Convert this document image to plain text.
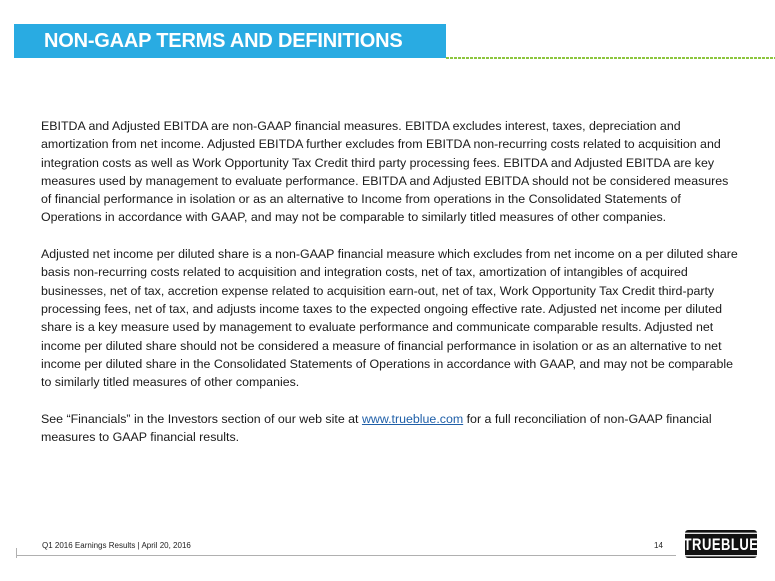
NON-GAAP TERMS AND DEFINITIONS

EBITDA and Adjusted EBITDA are non-GAAP financial measures. EBITDA excludes interest, taxes, depreciation and amortization from net income. Adjusted EBITDA further excludes from EBITDA non-recurring costs related to acquisition and integration costs as well as Work Opportunity Tax Credit third party processing fees. EBITDA and Adjusted EBITDA are key measures used by management to evaluate performance. EBITDA and Adjusted EBITDA should not be considered measures of financial performance in isolation or as an alternative to Income from operations in the Consolidated Statements of Operations in accordance with GAAP, and may not be comparable to similarly titled measures of other companies.

Adjusted net income per diluted share is a non-GAAP financial measure which excludes from net income on a per diluted share basis non-recurring costs related to acquisition and integration costs, net of tax, amortization of intangibles of acquired businesses, net of tax, accretion expense related to acquisition earn-out, net of tax, Work Opportunity Tax Credit third-party processing fees, net of tax, and adjusts income taxes to the expected ongoing effective rate. Adjusted net income per diluted share is a key measure used by management to evaluate performance and communicate comparable results. Adjusted net income per diluted share should not be considered a measure of financial performance in isolation or as an alternative to net income per diluted share in the Consolidated Statements of Operations in accordance with GAAP, and may not be comparable to similarly titled measures of other companies.

See “Financials” in the Investors section of our web site at www.trueblue.com for a full reconciliation of non-GAAP financial measures to GAAP financial results.

Q1 2016 Earnings Results | April 20, 2016	14	TRUEBLUE
